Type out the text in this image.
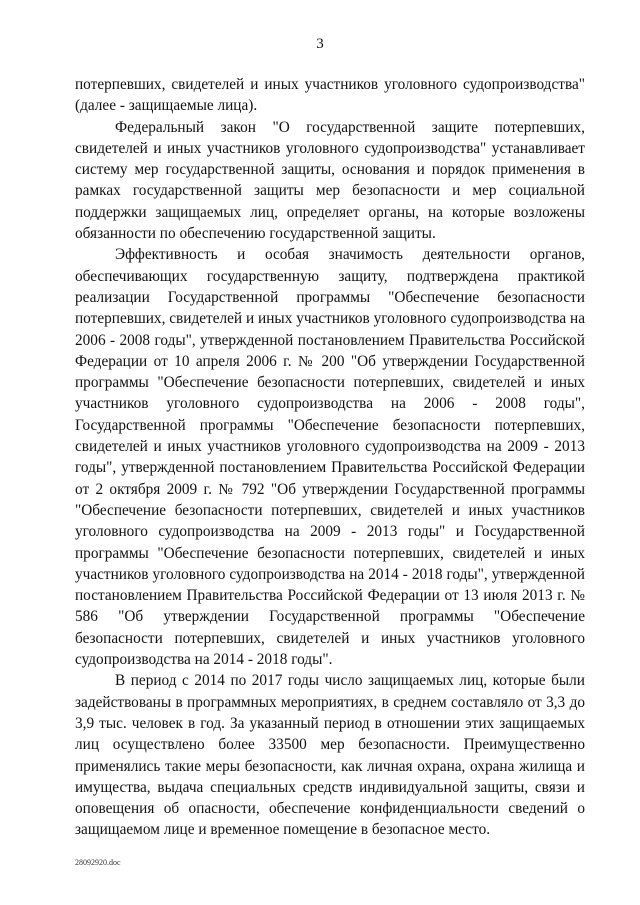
3

потерпевших, свидетелей и иных участников уголовного судопроизводства" (далее - защищаемые лица).

Федеральный закон "О государственной защите потерпевших, свидетелей и иных участников уголовного судопроизводства" устанавливает систему мер государственной защиты, основания и порядок применения в рамках государственной защиты мер безопасности и мер социальной поддержки защищаемых лиц, определяет органы, на которые возложены обязанности по обеспечению государственной защиты.

Эффективность и особая значимость деятельности органов, обеспечивающих государственную защиту, подтверждена практикой реализации Государственной программы "Обеспечение безопасности потерпевших, свидетелей и иных участников уголовного судопроизводства на 2006 - 2008 годы", утвержденной постановлением Правительства Российской Федерации от 10 апреля 2006 г. № 200 "Об утверждении Государственной программы "Обеспечение безопасности потерпевших, свидетелей и иных участников уголовного судопроизводства на 2006 - 2008 годы", Государственной программы "Обеспечение безопасности потерпевших, свидетелей и иных участников уголовного судопроизводства на 2009 - 2013 годы", утвержденной постановлением Правительства Российской Федерации от 2 октября 2009 г. № 792 "Об утверждении Государственной программы "Обеспечение безопасности потерпевших, свидетелей и иных участников уголовного судопроизводства на 2009 - 2013 годы" и Государственной программы "Обеспечение безопасности потерпевших, свидетелей и иных участников уголовного судопроизводства на 2014 - 2018 годы", утвержденной постановлением Правительства Российской Федерации от 13 июля 2013 г. № 586 "Об утверждении Государственной программы "Обеспечение безопасности потерпевших, свидетелей и иных участников уголовного судопроизводства на 2014 - 2018 годы".

В период с 2014 по 2017 годы число защищаемых лиц, которые были задействованы в программных мероприятиях, в среднем составляло от 3,3 до 3,9 тыс. человек в год. За указанный период в отношении этих защищаемых лиц осуществлено более 33500 мер безопасности. Преимущественно применялись такие меры безопасности, как личная охрана, охрана жилища и имущества, выдача специальных средств индивидуальной защиты, связи и оповещения об опасности, обеспечение конфиденциальности сведений о защищаемом лице и временное помещение в безопасное место.

28092920.doc
